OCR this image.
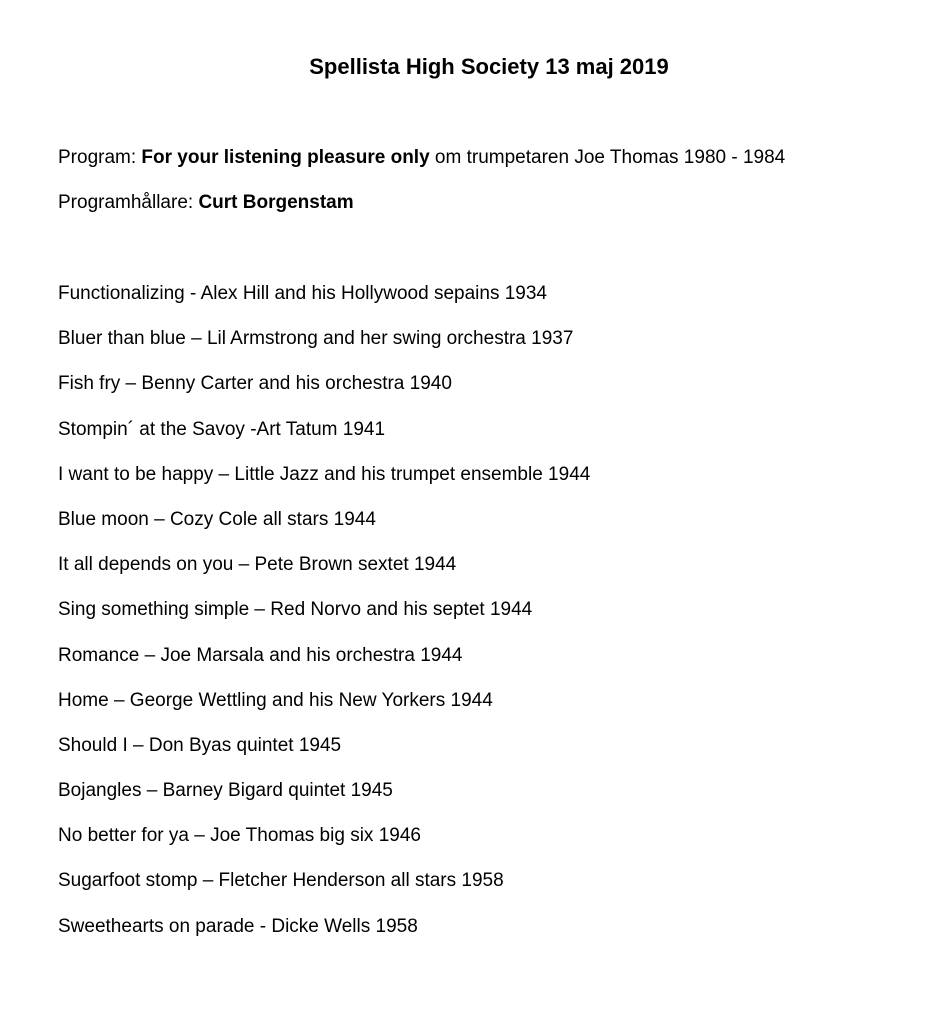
Spellista High Society 13 maj 2019
Program: For your listening pleasure only om trumpetaren Joe Thomas 1980 - 1984
Programhållare: Curt Borgenstam
Functionalizing - Alex Hill and his Hollywood sepains 1934
Bluer than blue – Lil Armstrong and her swing orchestra 1937
Fish fry – Benny Carter and his orchestra 1940
Stompin´ at the Savoy -Art Tatum 1941
I want to be happy – Little Jazz and his trumpet ensemble 1944
Blue moon – Cozy Cole all stars 1944
It all depends on you – Pete Brown sextet 1944
Sing something simple – Red Norvo and his septet 1944
Romance – Joe Marsala and his orchestra 1944
Home – George Wettling and his New Yorkers 1944
Should I – Don Byas quintet 1945
Bojangles – Barney Bigard quintet 1945
No better for ya – Joe Thomas big six 1946
Sugarfoot stomp – Fletcher Henderson all stars 1958
Sweethearts on parade - Dicke Wells 1958
